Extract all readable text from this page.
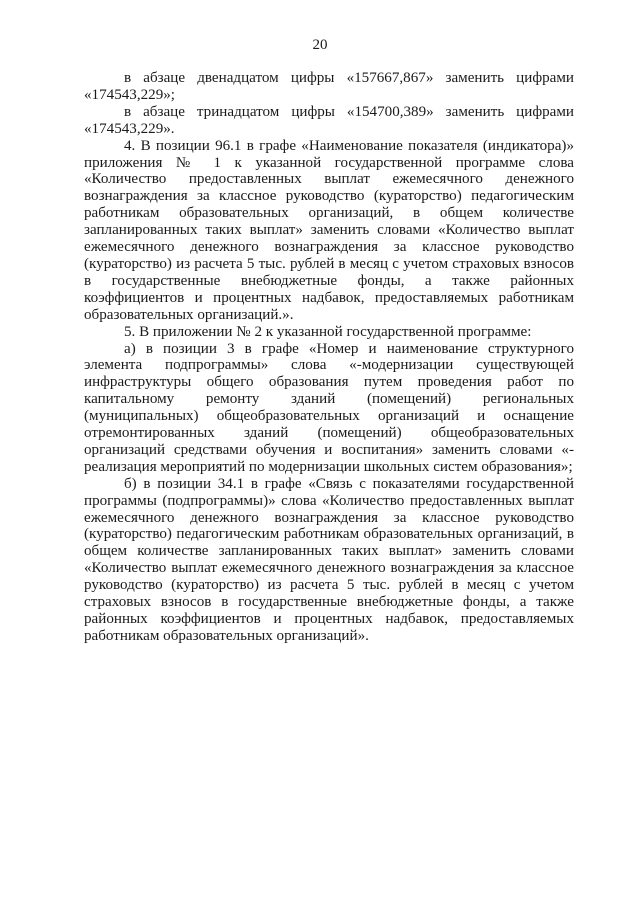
20

в абзаце двенадцатом цифры «157667,867» заменить цифрами «174543,229»;

в абзаце тринадцатом цифры «154700,389» заменить цифрами «174543,229».

4. В позиции 96.1 в графе «Наименование показателя (индикатора)» приложения № 1 к указанной государственной программе слова «Количество предоставленных выплат ежемесячного денежного вознаграждения за классное руководство (кураторство) педагогическим работникам образовательных организаций, в общем количестве запланированных таких выплат» заменить словами «Количество выплат ежемесячного денежного вознаграждения за классное руководство (кураторство) из расчета 5 тыс. рублей в месяц с учетом страховых взносов в государственные внебюджетные фонды, а также районных коэффициентов и процентных надбавок, предоставляемых работникам образовательных организаций.».

5. В приложении № 2 к указанной государственной программе:

а) в позиции 3 в графе «Номер и наименование структурного элемента подпрограммы» слова «-модернизации существующей инфраструктуры общего образования путем проведения работ по капитальному ремонту зданий (помещений) региональных (муниципальных) общеобразовательных организаций и оснащение отремонтированных зданий (помещений) общеобразовательных организаций средствами обучения и воспитания» заменить словами «-реализация мероприятий по модернизации школьных систем образования»;

б) в позиции 34.1 в графе «Связь с показателями государственной программы (подпрограммы)» слова «Количество предоставленных выплат ежемесячного денежного вознаграждения за классное руководство (кураторство) педагогическим работникам образовательных организаций, в общем количестве запланированных таких выплат» заменить словами «Количество выплат ежемесячного денежного вознаграждения за классное руководство (кураторство) из расчета 5 тыс. рублей в месяц с учетом страховых взносов в государственные внебюджетные фонды, а также районных коэффициентов и процентных надбавок, предоставляемых работникам образовательных организаций».
